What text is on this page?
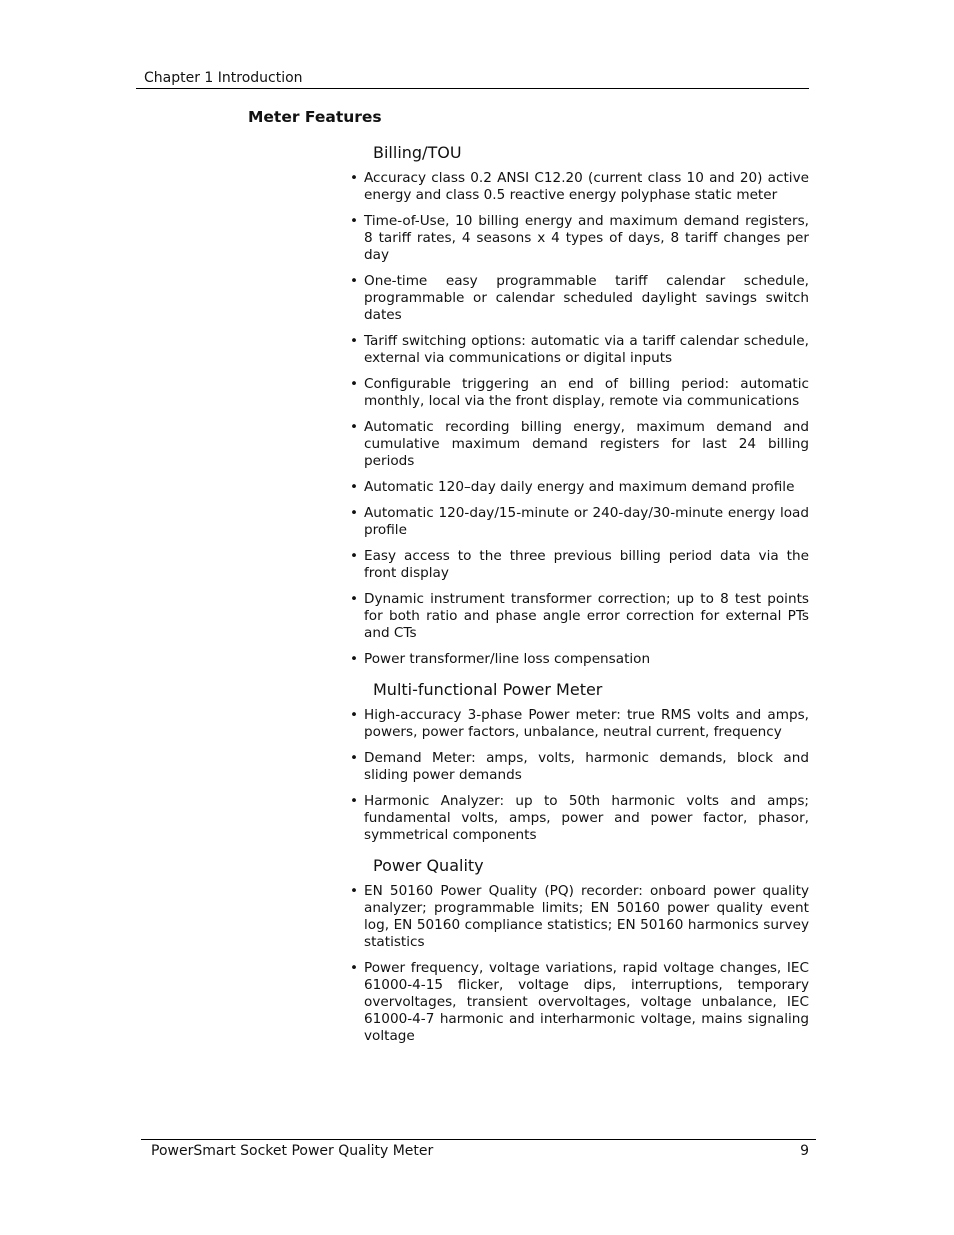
Chapter 1 Introduction
Meter Features
Billing/TOU
• Accuracy class 0.2 ANSI C12.20 (current class 10 and 20) active energy and class 0.5 reactive energy polyphase static meter
• Time-of-Use, 10 billing energy and maximum demand registers, 8 tariff rates, 4 seasons x 4 types of days, 8 tariff changes per day
• One-time easy programmable tariff calendar schedule, programmable or calendar scheduled daylight savings switch dates
• Tariff switching options: automatic via a tariff calendar schedule, external via communications or digital inputs
• Configurable triggering an end of billing period: automatic monthly, local via the front display, remote via communications
• Automatic recording billing energy, maximum demand and cumulative maximum demand registers for last 24 billing periods
• Automatic 120–day daily energy and maximum demand profile
• Automatic 120-day/15-minute or 240-day/30-minute energy load profile
• Easy access to the three previous billing period data via the front display
• Dynamic instrument transformer correction; up to 8 test points for both ratio and phase angle error correction for external PTs and CTs
• Power transformer/line loss compensation
Multi-functional Power Meter
• High-accuracy 3-phase Power meter: true RMS volts and amps, powers, power factors, unbalance, neutral current, frequency
• Demand Meter: amps, volts, harmonic demands, block and sliding power demands
• Harmonic Analyzer: up to 50th harmonic volts and amps; fundamental volts, amps, power and power factor, phasor, symmetrical components
Power Quality
• EN 50160 Power Quality (PQ) recorder: onboard power quality analyzer; programmable limits; EN 50160 power quality event log, EN 50160 compliance statistics; EN 50160 harmonics survey statistics
• Power frequency, voltage variations, rapid voltage changes, IEC 61000-4-15 flicker, voltage dips, interruptions, temporary overvoltages, transient overvoltages, voltage unbalance, IEC 61000-4-7 harmonic and interharmonic voltage, mains signaling voltage
PowerSmart Socket Power Quality Meter	9
